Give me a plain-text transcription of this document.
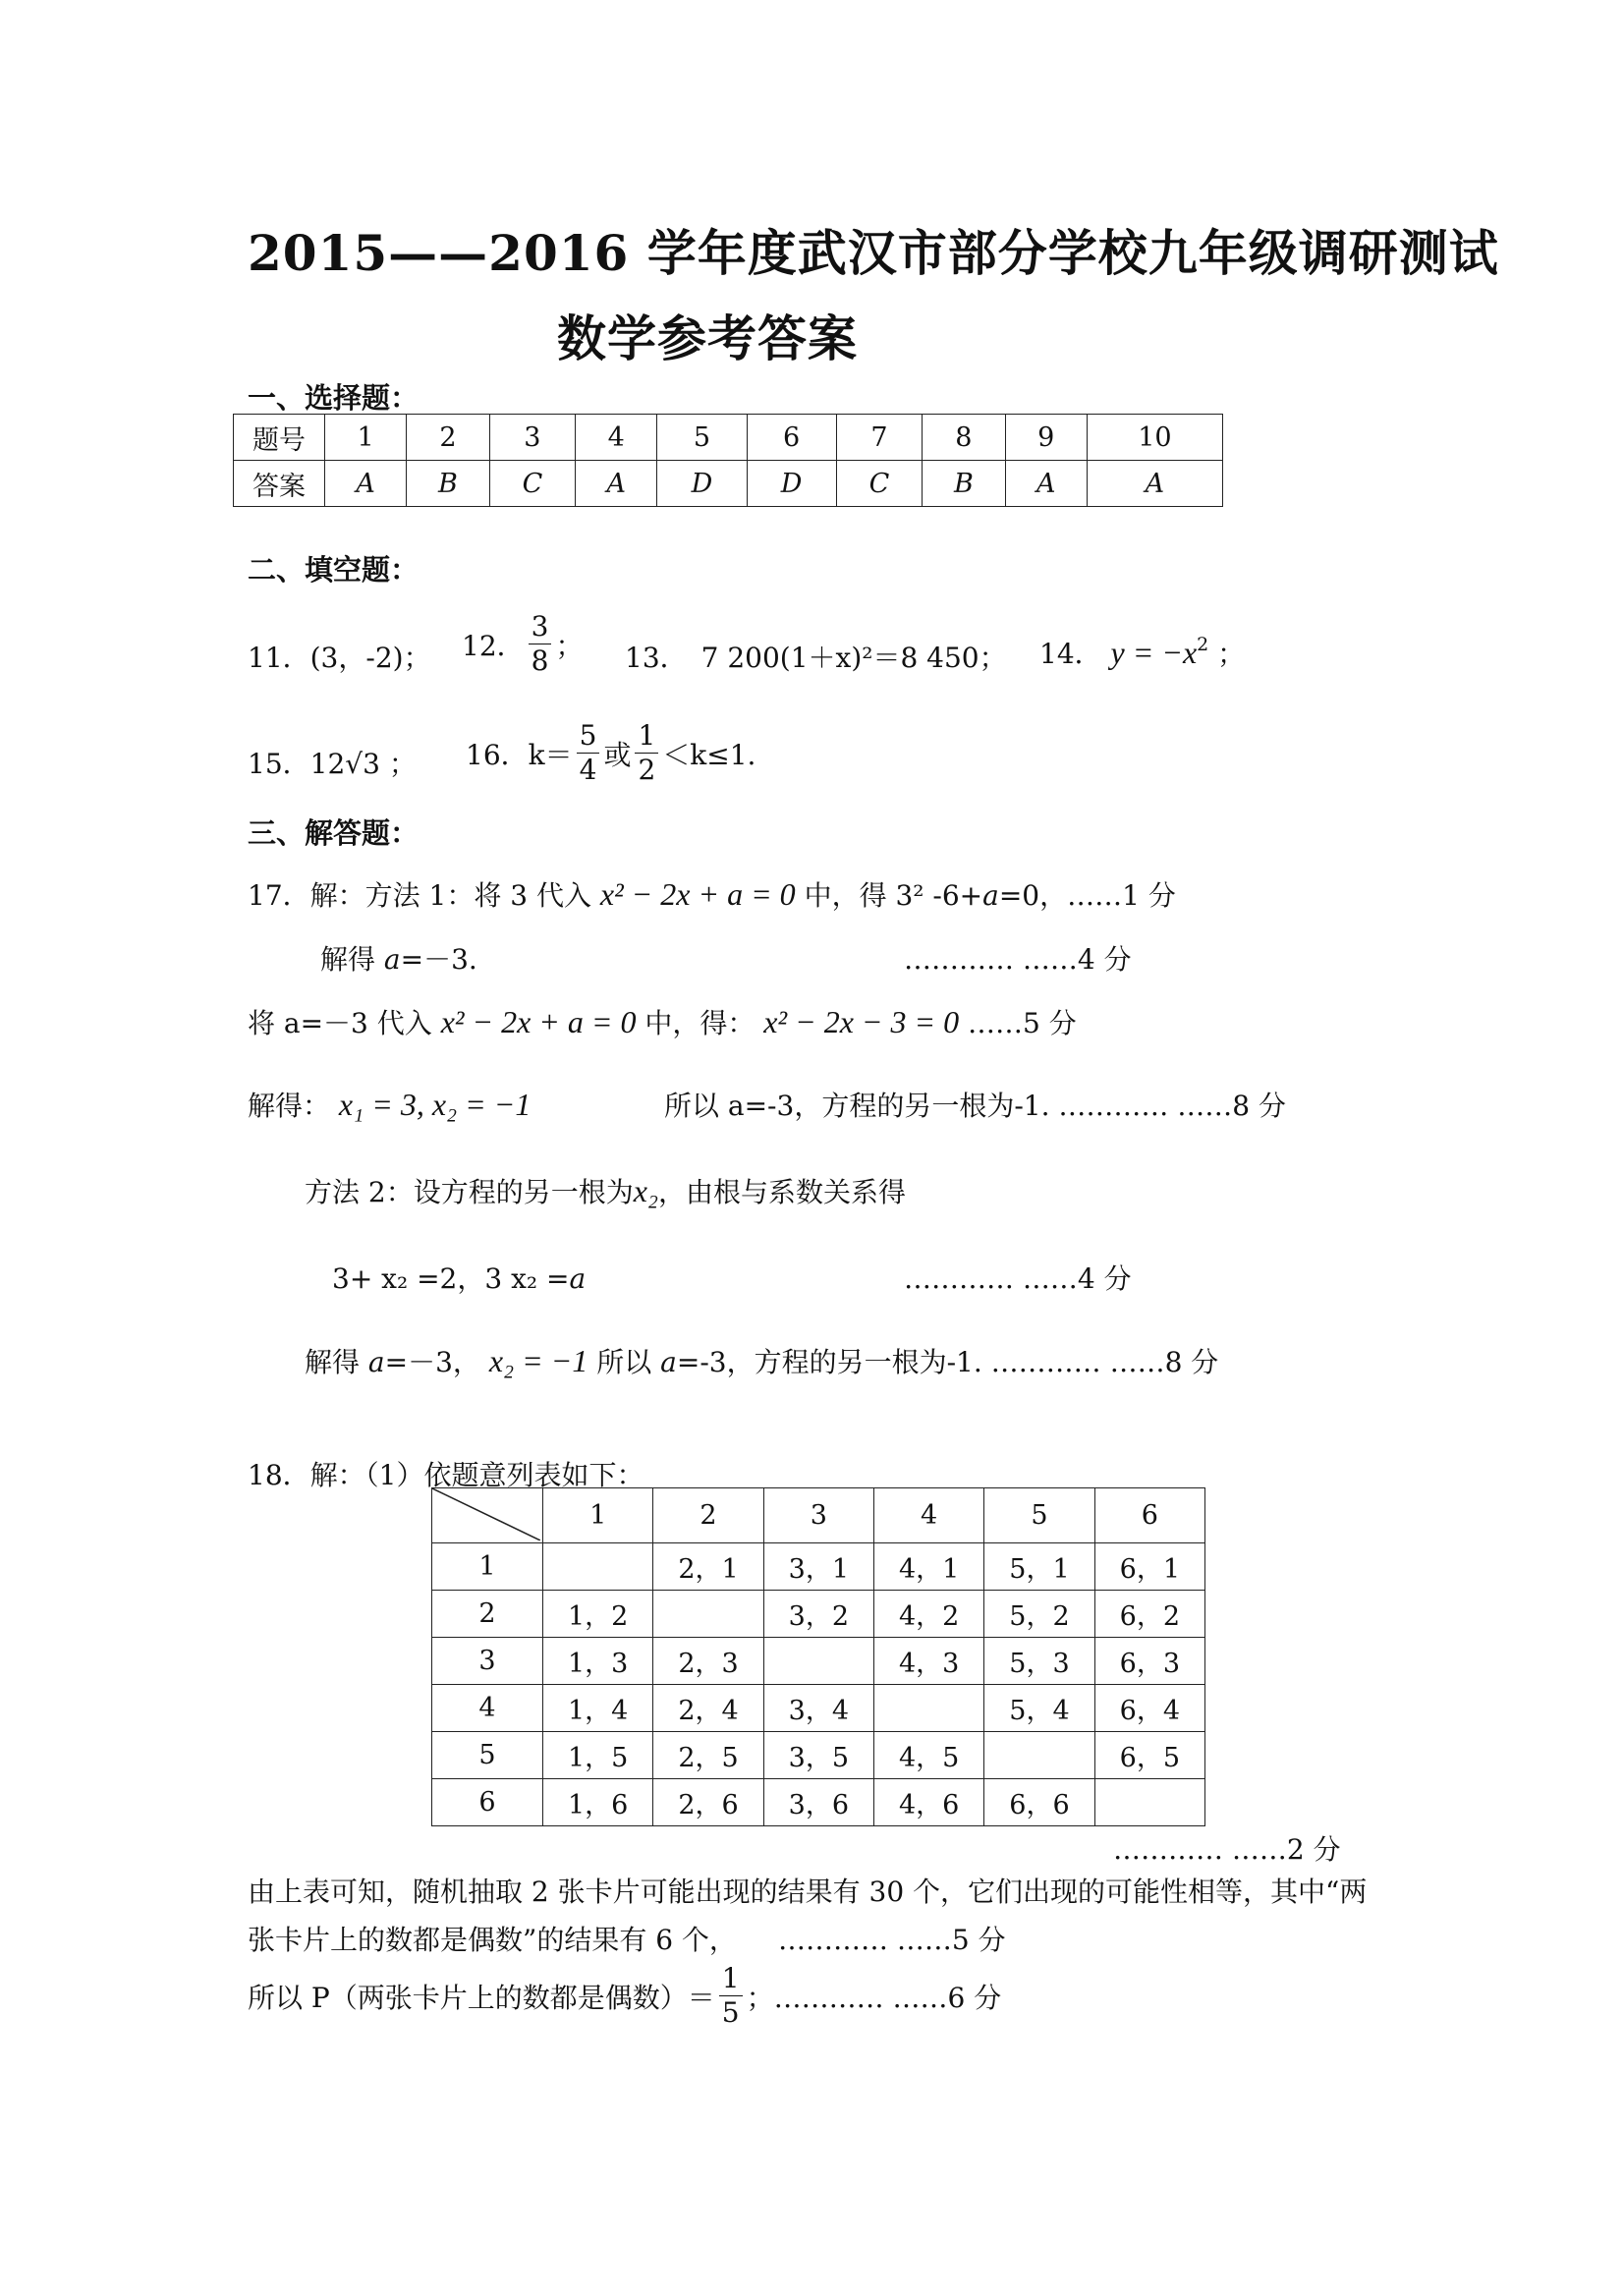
2015——2016 学年度武汉市部分学校九年级调研测试
数学参考答案
一、选择题：
题号	1	2	3	4	5	6	7	8	9	10
答案	A	B	C	A	D	D	C	B	A	A
二、填空题：
11．(3，-2)； 12． $\frac{3}{8}$ ； 13．　7 200(1＋x)²＝8 450； 14． $y = -x^2$ ；
15．12√3 ； 16．$k= \frac{5}{4}$ 或 $\frac{1}{2} <k\le 1$.
三、解答题：
17．解：方法 1：将 3 代入 x² − 2x + a = 0 中，得 3² -6+a=0，……1 分
解得 a=－3.	………… ……4 分
将 a=－3 代入 x² − 2x + a = 0 中，得： x² − 2x − 3 = 0 ……5 分
解得： x₁ = 3, x₂ = −1	所以 a=-3，方程的另一根为-1. ………… ……8 分
方法 2：设方程的另一根为x₂，由根与系数关系得
3+ x₂ =2，3 x₂ =a	………… ……4 分
解得 a=－3， x₂ = −1 所以 a=-3，方程的另一根为-1. ………… ……8 分
18．解：（1）依题意列表如下：
	1	2	3	4	5	6
1		2，1	3，1	4，1	5，1	6，1
2	1，2		3，2	4，2	5，2	6，2
3	1，3	2，3		4，3	5，3	6，3
4	1，4	2，4	3，4		5，4	6，4
5	1，5	2，5	3，5	4，5		6，5
6	1，6	2，6	3，6	4，6	6，6	
………… ……2 分
由上表可知，随机抽取 2 张卡片可能出现的结果有 30 个，它们出现的可能性相等，其中“两
张卡片上的数都是偶数”的结果有 6 个， ………… ……5 分
所以 P（两张卡片上的数都是偶数）＝ $\frac{1}{5}$ ；………… ……6 分
